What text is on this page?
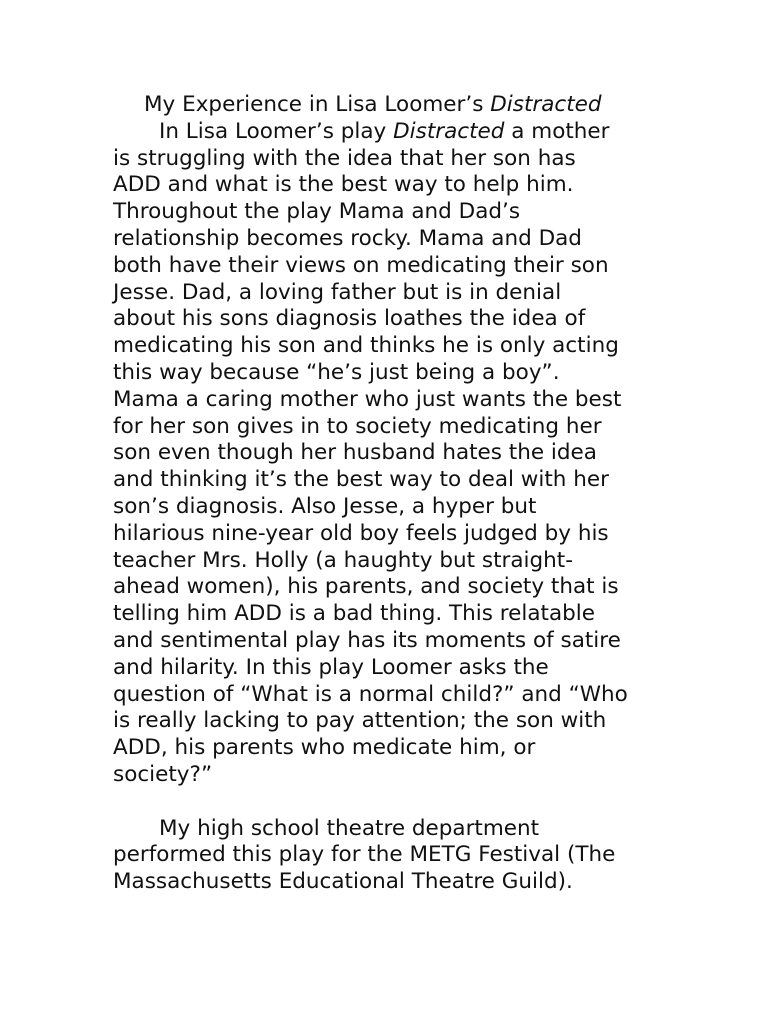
My Experience in Lisa Loomer’s Distracted
In Lisa Loomer’s play Distracted a mother
is struggling with the idea that her son has
ADD and what is the best way to help him.
Throughout the play Mama and Dad’s
relationship becomes rocky. Mama and Dad
both have their views on medicating their son
Jesse. Dad, a loving father but is in denial
about his sons diagnosis loathes the idea of
medicating his son and thinks he is only acting
this way because “he’s just being a boy”.
Mama a caring mother who just wants the best
for her son gives in to society medicating her
son even though her husband hates the idea
and thinking it’s the best way to deal with her
son’s diagnosis. Also Jesse, a hyper but
hilarious nine-year old boy feels judged by his
teacher Mrs. Holly (a haughty but straight-
ahead women), his parents, and society that is
telling him ADD is a bad thing. This relatable
and sentimental play has its moments of satire
and hilarity. In this play Loomer asks the
question of “What is a normal child?” and “Who
is really lacking to pay attention; the son with
ADD, his parents who medicate him, or
society?”
My high school theatre department
performed this play for the METG Festival (The
Massachusetts Educational Theatre Guild).
